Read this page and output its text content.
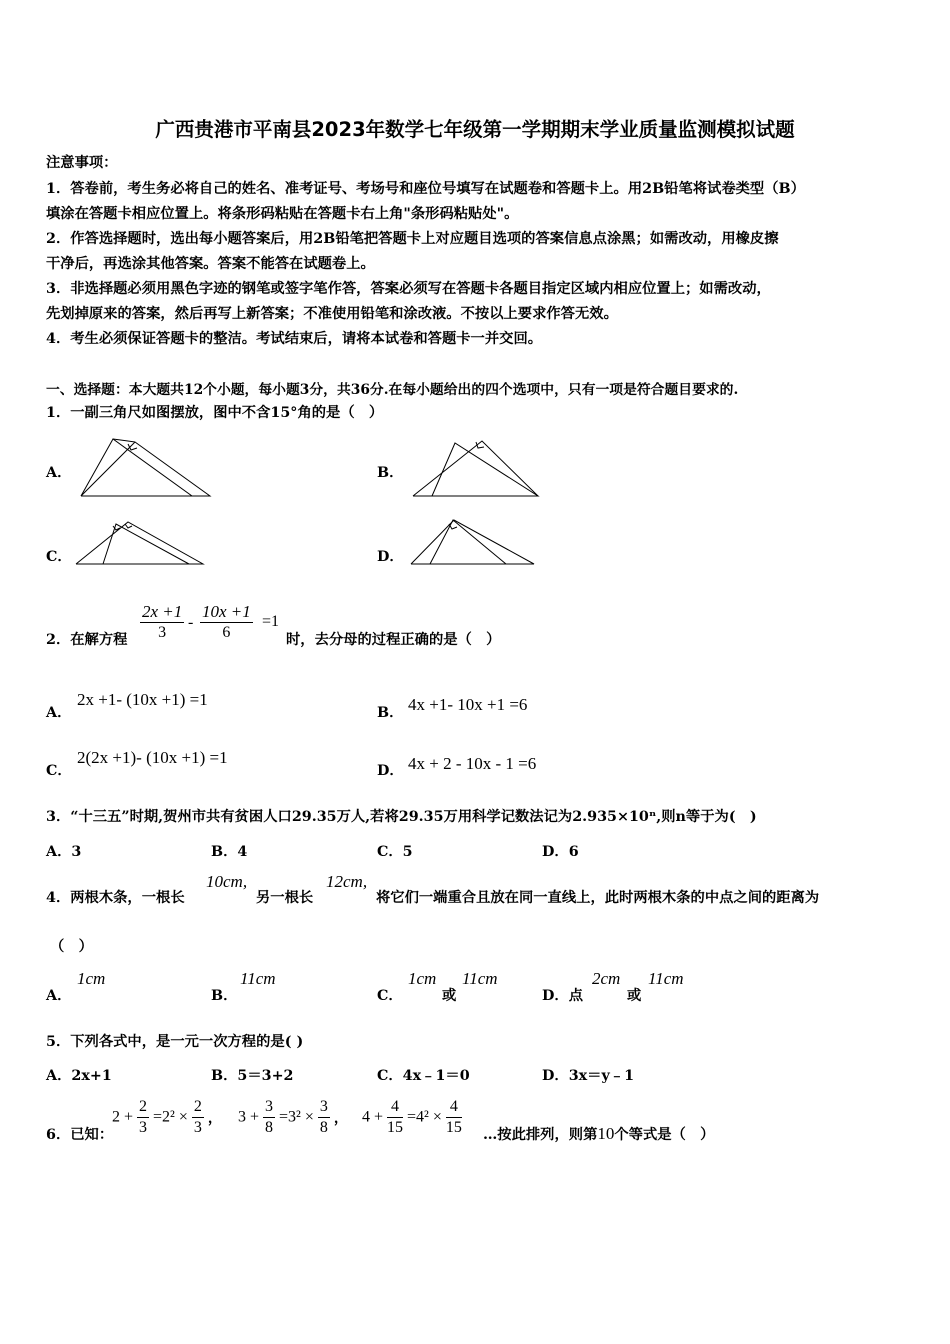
广西贵港市平南县2023年数学七年级第一学期期末学业质量监测模拟试题
注意事项：
1．答卷前，考生务必将自己的姓名、准考证号、考场号和座位号填写在试题卷和答题卡上。用2B铅笔将试卷类型（B）
填涂在答题卡相应位置上。将条形码粘贴在答题卡右上角"条形码粘贴处"。
2．作答选择题时，选出每小题答案后，用2B铅笔把答题卡上对应题目选项的答案信息点涂黑；如需改动，用橡皮擦
干净后，再选涂其他答案。答案不能答在试题卷上。
3．非选择题必须用黑色字迹的钢笔或签字笔作答，答案必须写在答题卡各题目指定区域内相应位置上；如需改动，
先划掉原来的答案，然后再写上新答案；不准使用铅笔和涂改液。不按以上要求作答无效。
4．考生必须保证答题卡的整洁。考试结束后，请将本试卷和答题卡一并交回。
一、选择题：本大题共12个小题，每小题3分，共36分.在每小题给出的四个选项中，只有一项是符合题目要求的.
1．一副三角尺如图摆放，图中不含15°角的是（　）
A．	B．
C．	D．
2．在解方程 $\frac{2x +1}{3} - \frac{10x +1}{6} =1$
时，去分母的过程正确的是（　）
A．
2x +1- (10x +1) =1
B． 4x +1- 10x +1 =6
C．
2(2x +1)- (10x +1) =1
D． 4x + 2 - 10x - 1 =6
3．“十三五”时期,贺州市共有贫困人口29.35万人,若将29.35万用科学记数法记为2.935×10ⁿ,则n等于为(　)
A．3	B．4	C．5	D．6
4．两根木条，一根长
10cm,
另一根长
12cm,
将它们一端重合且放在同一直线上，此时两根木条的中点之间的距离为
（　）
A．
1cm
B．
11cm
C．
1cm
或
11cm
D．点
2cm
或
11cm
5．下列各式中，是一元一次方程的是( )
A．2x+1	B．5＝3+2	C．4x﹣1＝0	D．3x＝y﹣1
6．已知：
$2 + \frac{2}{3} =2^2 \times \frac{2}{3}$ ， $3 + \frac{3}{8} =3^2 \times \frac{3}{8}$ ， $4 + \frac{4}{15} =4^2 \times \frac{4}{15}$ …按此排列，则第10个等式是（　）
